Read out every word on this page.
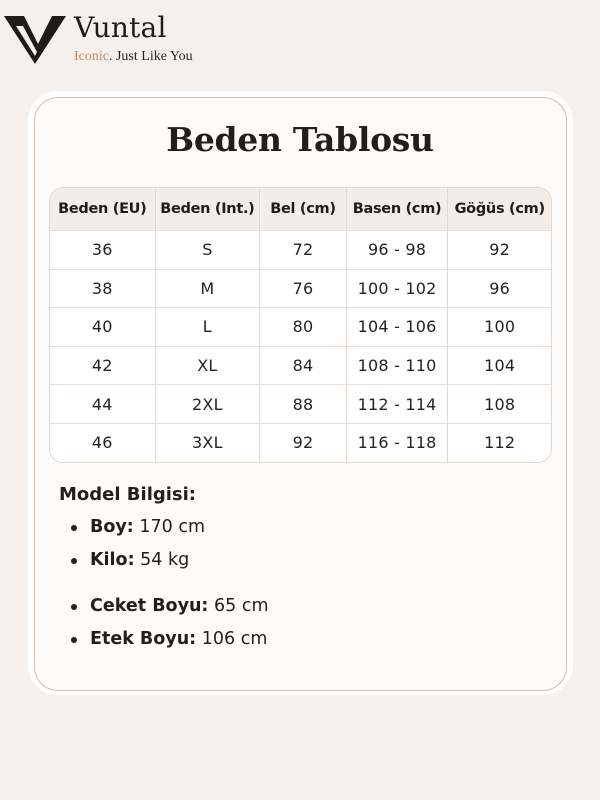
Vuntal
Iconic. Just Like You
Beden Tablosu
Beden (EU)	Beden (Int.)	Bel (cm)	Basen (cm)	Göğüs (cm)
36	S	72	96 - 98	92
38	M	76	100 - 102	96
40	L	80	104 - 106	100
42	XL	84	108 - 110	104
44	2XL	88	112 - 114	108
46	3XL	92	116 - 118	112
Model Bilgisi:
Boy: 170 cm
Kilo: 54 kg
Ceket Boyu: 65 cm
Etek Boyu: 106 cm
